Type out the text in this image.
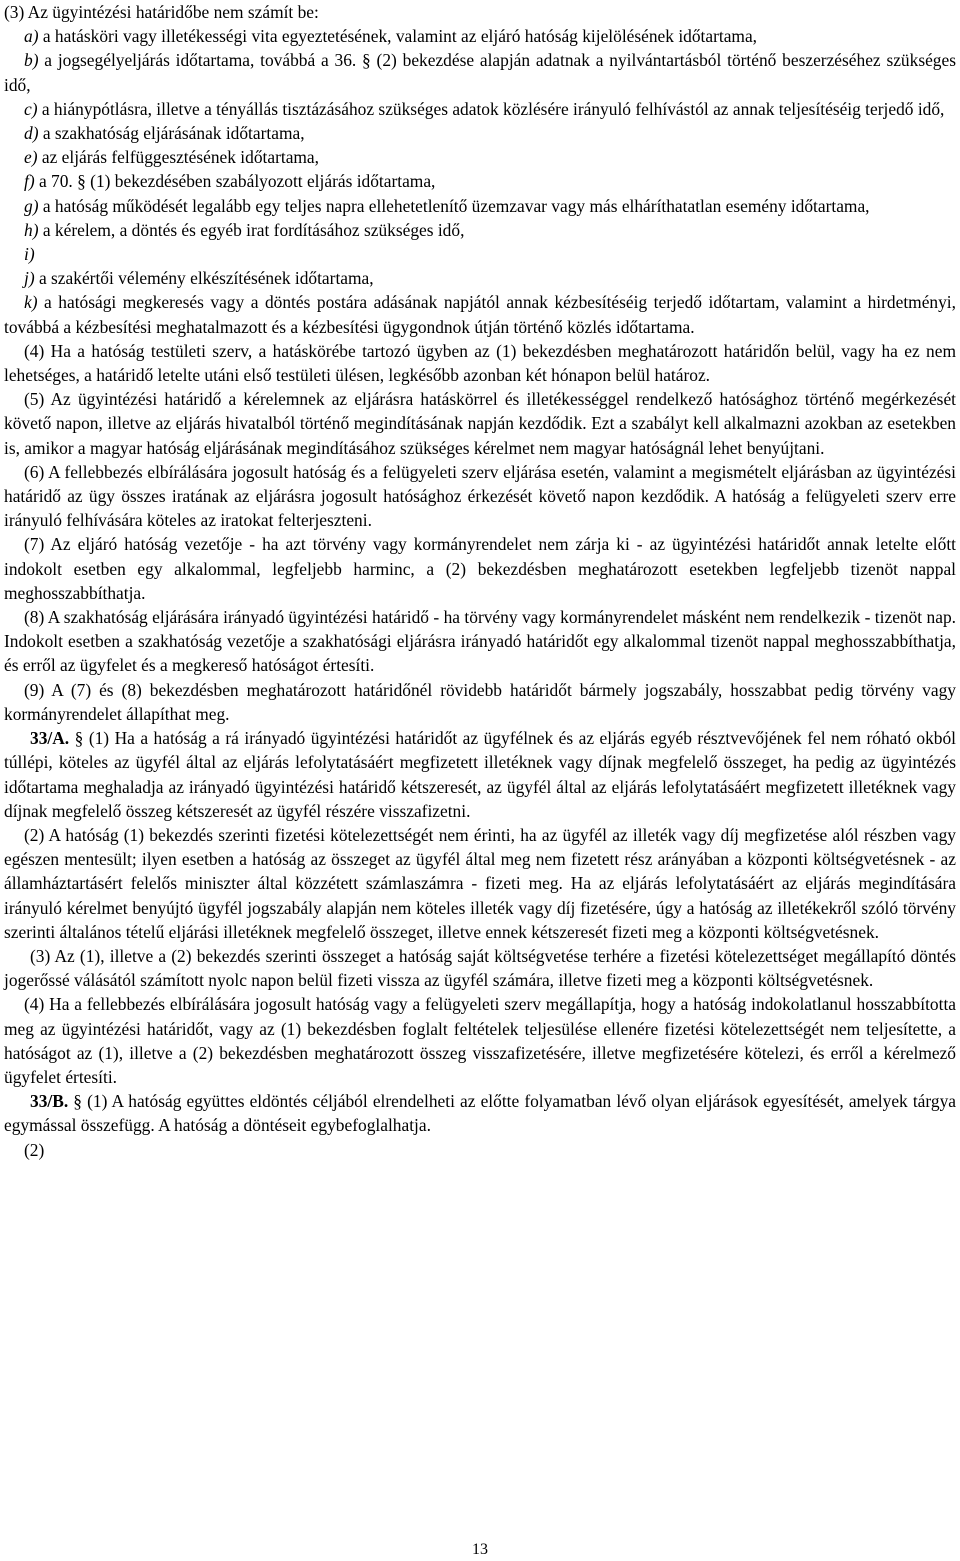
(3) Az ügyintézési határidőbe nem számít be:

a) a hatásköri vagy illetékességi vita egyeztetésének, valamint az eljáró hatóság kijelölésének időtartama,

b) a jogsegélyeljárás időtartama, továbbá a 36. § (2) bekezdése alapján adatnak a nyilvántartásból történő beszerzéséhez szükséges idő,

c) a hiánypótlásra, illetve a tényállás tisztázásához szükséges adatok közlésére irányuló felhívástól az annak teljesítéséig terjedő idő,

d) a szakhatóság eljárásának időtartama,

e) az eljárás felfüggesztésének időtartama,

f) a 70. § (1) bekezdésében szabályozott eljárás időtartama,

g) a hatóság működését legalább egy teljes napra ellehetetlenítő üzemzavar vagy más elháríthatatlan esemény időtartama,

h) a kérelem, a döntés és egyéb irat fordításához szükséges idő,

i)

j) a szakértői vélemény elkészítésének időtartama,

k) a hatósági megkeresés vagy a döntés postára adásának napjától annak kézbesítéséig terjedő időtartam, valamint a hirdetményi, továbbá a kézbesítési meghatalmazott és a kézbesítési ügygondnok útján történő közlés időtartama.

(4) Ha a hatóság testületi szerv, a hatáskörébe tartozó ügyben az (1) bekezdésben meghatározott határidőn belül, vagy ha ez nem lehetséges, a határidő letelte utáni első testületi ülésen, legkésőbb azonban két hónapon belül határoz.

(5) Az ügyintézési határidő a kérelemnek az eljárásra hatáskörrel és illetékességgel rendelkező hatósághoz történő megérkezését követő napon, illetve az eljárás hivatalból történő megindításának napján kezdődik. Ezt a szabályt kell alkalmazni azokban az esetekben is, amikor a magyar hatóság eljárásának megindításához szükséges kérelmet nem magyar hatóságnál lehet benyújtani.

(6) A fellebbezés elbírálására jogosult hatóság és a felügyeleti szerv eljárása esetén, valamint a megismételt eljárásban az ügyintézési határidő az ügy összes iratának az eljárásra jogosult hatósághoz érkezését követő napon kezdődik. A hatóság a felügyeleti szerv erre irányuló felhívására köteles az iratokat felterjeszteni.

(7) Az eljáró hatóság vezetője - ha azt törvény vagy kormányrendelet nem zárja ki - az ügyintézési határidőt annak letelte előtt indokolt esetben egy alkalommal, legfeljebb harminc, a (2) bekezdésben meghatározott esetekben legfeljebb tizenöt nappal meghosszabbíthatja.

(8) A szakhatóság eljárására irányadó ügyintézési határidő - ha törvény vagy kormányrendelet másként nem rendelkezik - tizenöt nap. Indokolt esetben a szakhatóság vezetője a szakhatósági eljárásra irányadó határidőt egy alkalommal tizenöt nappal meghosszabbíthatja, és erről az ügyfelet és a megkereső hatóságot értesíti.

(9) A (7) és (8) bekezdésben meghatározott határidőnél rövidebb határidőt bármely jogszabály, hosszabbat pedig törvény vagy kormányrendelet állapíthat meg.

33/A. § (1) Ha a hatóság a rá irányadó ügyintézési határidőt az ügyfélnek és az eljárás egyéb résztvevőjének fel nem róható okból túllépi, köteles az ügyfél által az eljárás lefolytatásáért megfizetett illetéknek vagy díjnak megfelelő összeget, ha pedig az ügyintézés időtartama meghaladja az irányadó ügyintézési határidő kétszeresét, az ügyfél által az eljárás lefolytatásáért megfizetett illetéknek vagy díjnak megfelelő összeg kétszeresét az ügyfél részére visszafizetni.

(2) A hatóság (1) bekezdés szerinti fizetési kötelezettségét nem érinti, ha az ügyfél az illeték vagy díj megfizetése alól részben vagy egészen mentesült; ilyen esetben a hatóság az összeget az ügyfél által meg nem fizetett rész arányában a központi költségvetésnek - az államháztartásért felelős miniszter által közzétett számlaszámra - fizeti meg. Ha az eljárás lefolytatásáért az eljárás megindítására irányuló kérelmet benyújtó ügyfél jogszabály alapján nem köteles illeték vagy díj fizetésére, úgy a hatóság az illetékekről szóló törvény szerinti általános tételű eljárási illetéknek megfelelő összeget, illetve ennek kétszeresét fizeti meg a központi költségvetésnek.

(3) Az (1), illetve a (2) bekezdés szerinti összeget a hatóság saját költségvetése terhére a fizetési kötelezettséget megállapító döntés jogerőssé válásától számított nyolc napon belül fizeti vissza az ügyfél számára, illetve fizeti meg a központi költségvetésnek.

(4) Ha a fellebbezés elbírálására jogosult hatóság vagy a felügyeleti szerv megállapítja, hogy a hatóság indokolatlanul hosszabbította meg az ügyintézési határidőt, vagy az (1) bekezdésben foglalt feltételek teljesülése ellenére fizetési kötelezettségét nem teljesítette, a hatóságot az (1), illetve a (2) bekezdésben meghatározott összeg visszafizetésére, illetve megfizetésére kötelezi, és erről a kérelmező ügyfelet értesíti.

33/B. § (1) A hatóság együttes eldöntés céljából elrendelheti az előtte folyamatban lévő olyan eljárások egyesítését, amelyek tárgya egymással összefügg. A hatóság a döntéseit egybefoglalhatja.

(2)

13
